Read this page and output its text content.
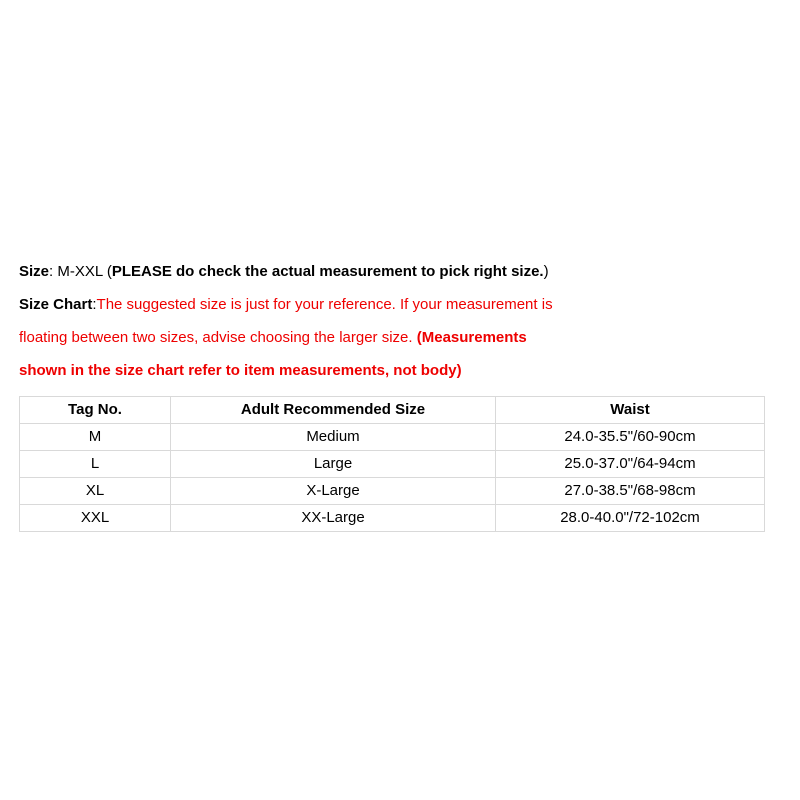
Size: M-XXL (PLEASE do check the actual measurement to pick right size.)
Size Chart:The suggested size is just for your reference. If your measurement is
floating between two sizes, advise choosing the larger size. (Measurements
shown in the size chart refer to item measurements, not body)
Tag No.	Adult Recommended Size	Waist
M	Medium	24.0-35.5"/60-90cm
L	Large	25.0-37.0"/64-94cm
XL	X-Large	27.0-38.5"/68-98cm
XXL	XX-Large	28.0-40.0"/72-102cm
